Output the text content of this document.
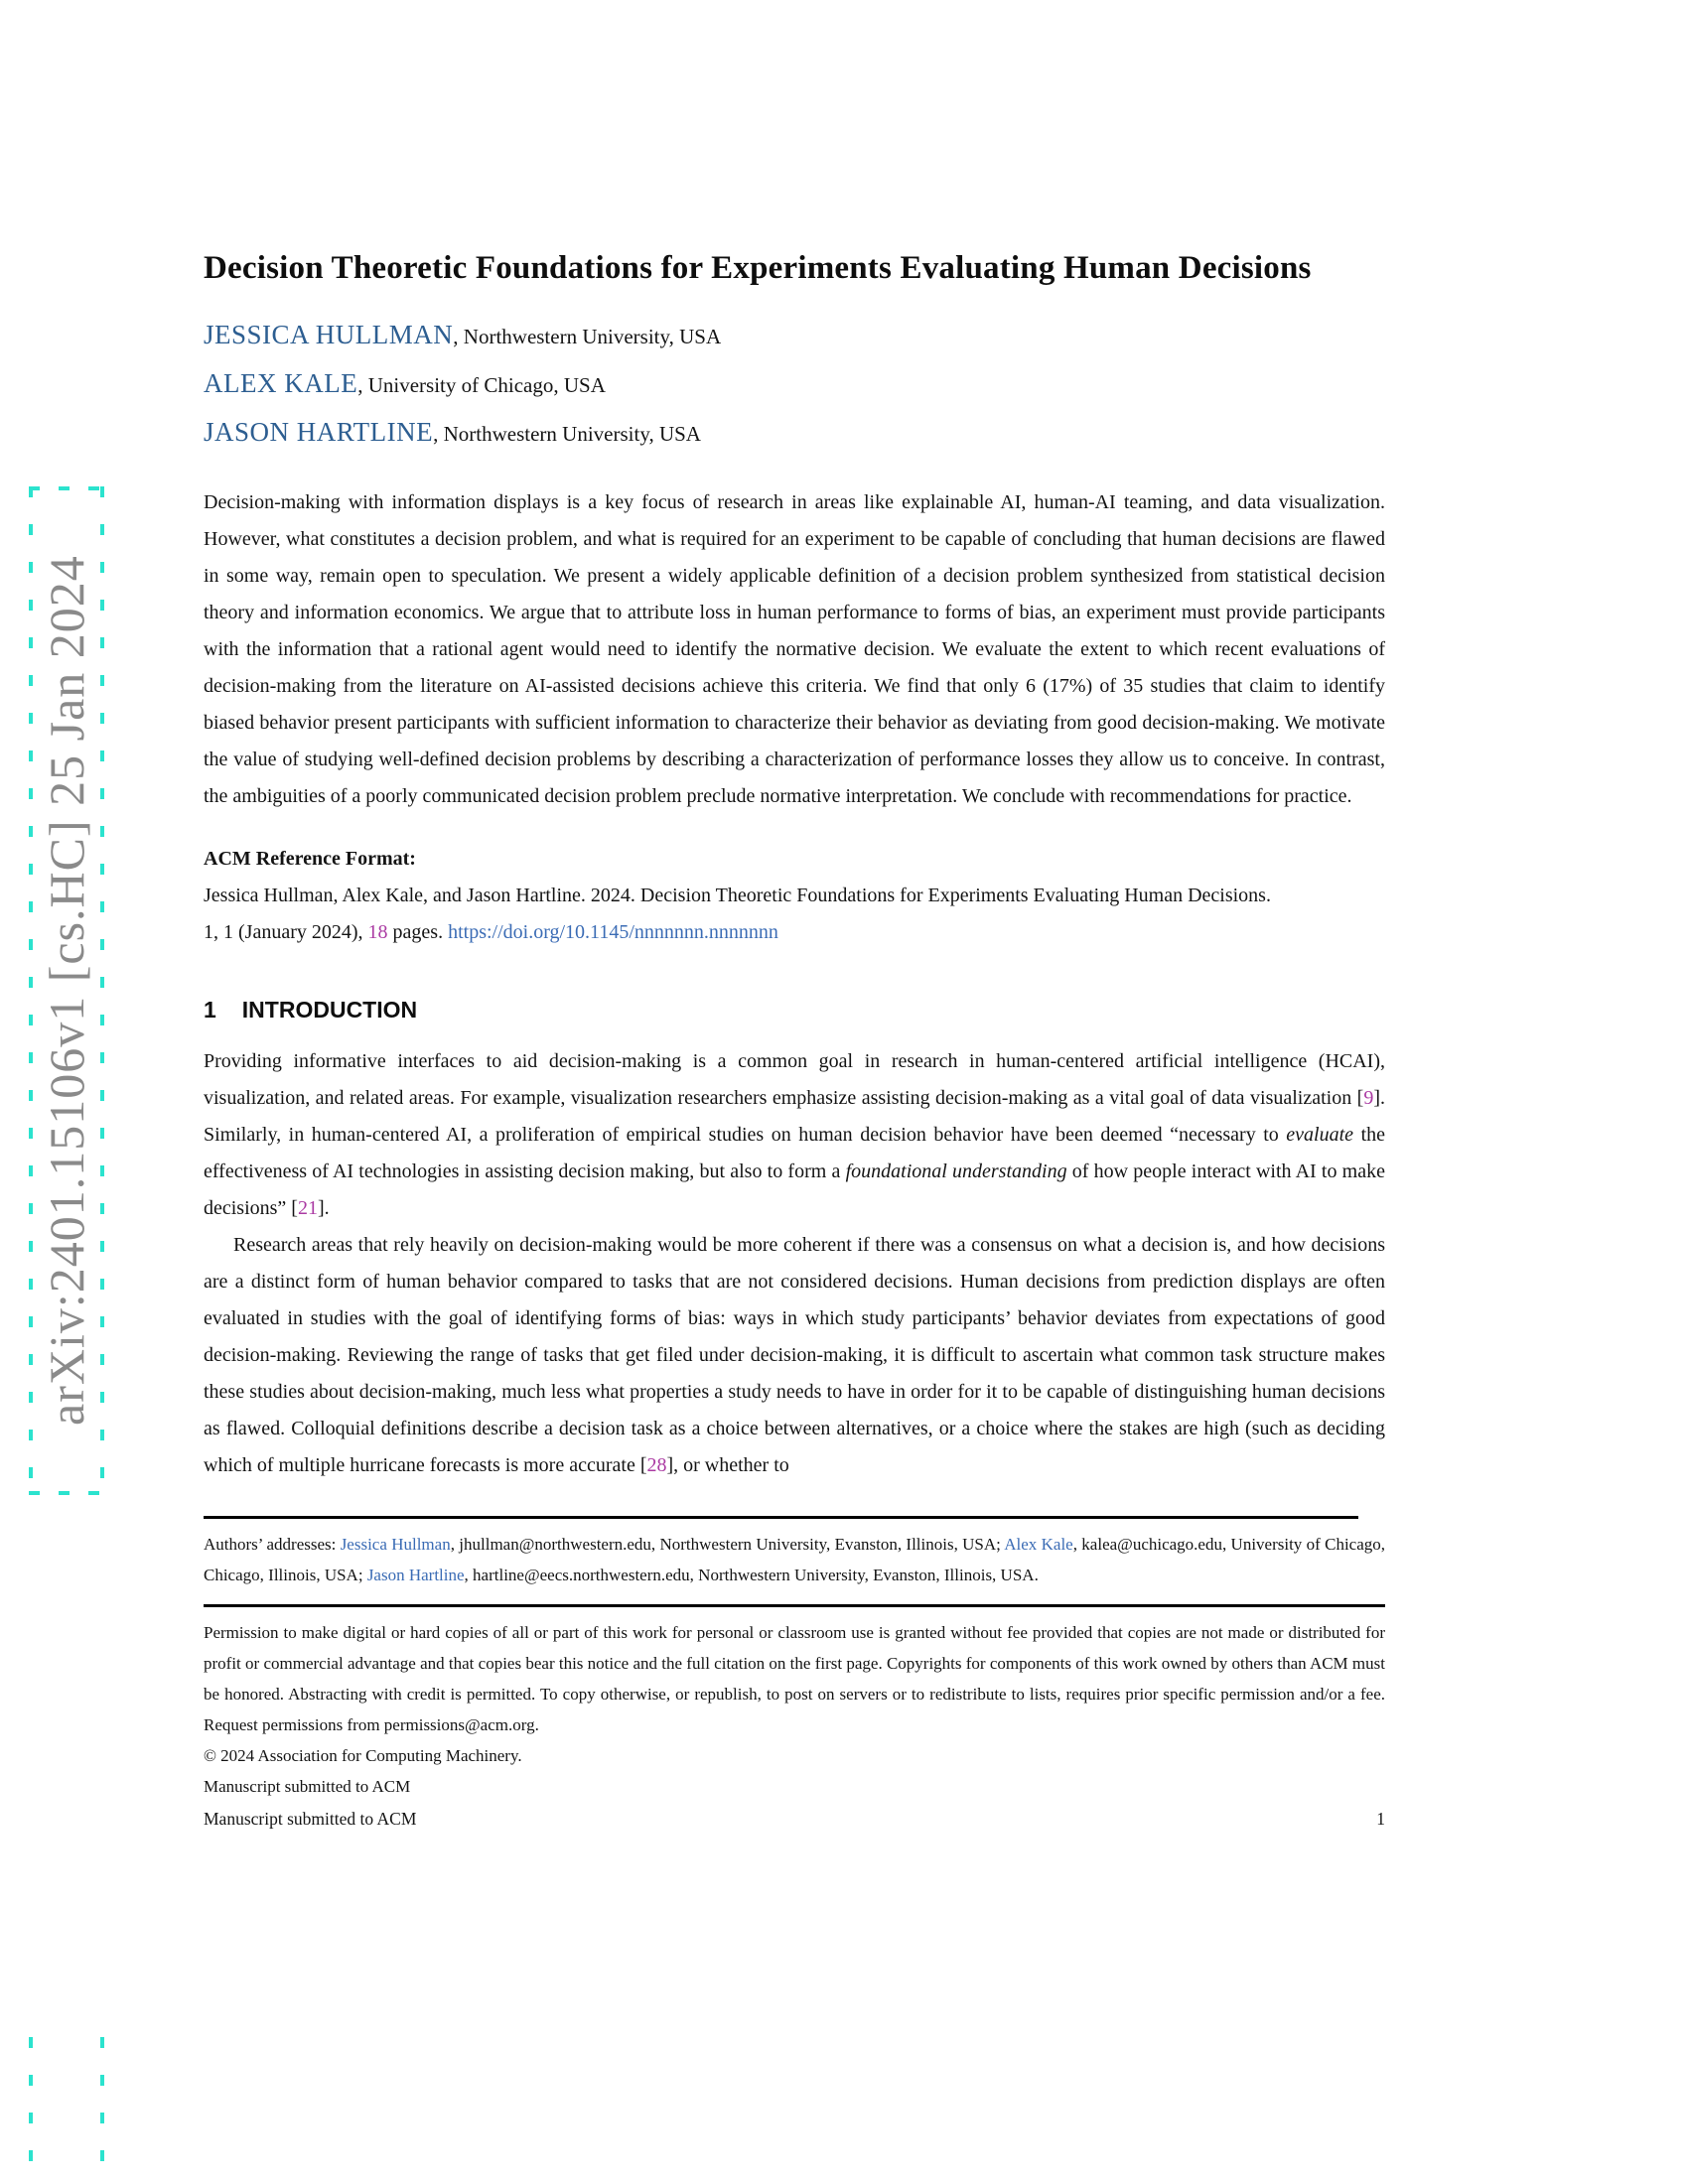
arXiv:2401.15106v1 [cs.HC] 25 Jan 2024
Decision Theoretic Foundations for Experiments Evaluating Human Decisions
JESSICA HULLMAN, Northwestern University, USA
ALEX KALE, University of Chicago, USA
JASON HARTLINE, Northwestern University, USA
Decision-making with information displays is a key focus of research in areas like explainable AI, human-AI teaming, and data visualization. However, what constitutes a decision problem, and what is required for an experiment to be capable of concluding that human decisions are flawed in some way, remain open to speculation. We present a widely applicable definition of a decision problem synthesized from statistical decision theory and information economics. We argue that to attribute loss in human performance to forms of bias, an experiment must provide participants with the information that a rational agent would need to identify the normative decision. We evaluate the extent to which recent evaluations of decision-making from the literature on AI-assisted decisions achieve this criteria. We find that only 6 (17%) of 35 studies that claim to identify biased behavior present participants with sufficient information to characterize their behavior as deviating from good decision-making. We motivate the value of studying well-defined decision problems by describing a characterization of performance losses they allow us to conceive. In contrast, the ambiguities of a poorly communicated decision problem preclude normative interpretation. We conclude with recommendations for practice.
ACM Reference Format:
Jessica Hullman, Alex Kale, and Jason Hartline. 2024. Decision Theoretic Foundations for Experiments Evaluating Human Decisions.
1, 1 (January 2024), 18 pages. https://doi.org/10.1145/nnnnnnn.nnnnnnn
1 INTRODUCTION

Providing informative interfaces to aid decision-making is a common goal in research in human-centered artificial intelligence (HCAI), visualization, and related areas. For example, visualization researchers emphasize assisting decision-making as a vital goal of data visualization [9]. Similarly, in human-centered AI, a proliferation of empirical studies on human decision behavior have been deemed “necessary to evaluate the effectiveness of AI technologies in assisting decision making, but also to form a foundational understanding of how people interact with AI to make decisions” [21].

Research areas that rely heavily on decision-making would be more coherent if there was a consensus on what a decision is, and how decisions are a distinct form of human behavior compared to tasks that are not considered decisions. Human decisions from prediction displays are often evaluated in studies with the goal of identifying forms of bias: ways in which study participants’ behavior deviates from expectations of good decision-making. Reviewing the range of tasks that get filed under decision-making, it is difficult to ascertain what common task structure makes these studies about decision-making, much less what properties a study needs to have in order for it to be capable of distinguishing human decisions as flawed. Colloquial definitions describe a decision task as a choice between alternatives, or a choice where the stakes are high (such as deciding which of multiple hurricane forecasts is more accurate [28], or whether to

Authors’ addresses: Jessica Hullman, jhullman@northwestern.edu, Northwestern University, Evanston, Illinois, USA; Alex Kale, kalea@uchicago.edu, University of Chicago, Chicago, Illinois, USA; Jason Hartline, hartline@eecs.northwestern.edu, Northwestern University, Evanston, Illinois, USA.
Permission to make digital or hard copies of all or part of this work for personal or classroom use is granted without fee provided that copies are not made or distributed for profit or commercial advantage and that copies bear this notice and the full citation on the first page. Copyrights for components of this work owned by others than ACM must be honored. Abstracting with credit is permitted. To copy otherwise, or republish, to post on servers or to redistribute to lists, requires prior specific permission and/or a fee. Request permissions from permissions@acm.org.
© 2024 Association for Computing Machinery.
Manuscript submitted to ACM
Manuscript submitted to ACM	1
